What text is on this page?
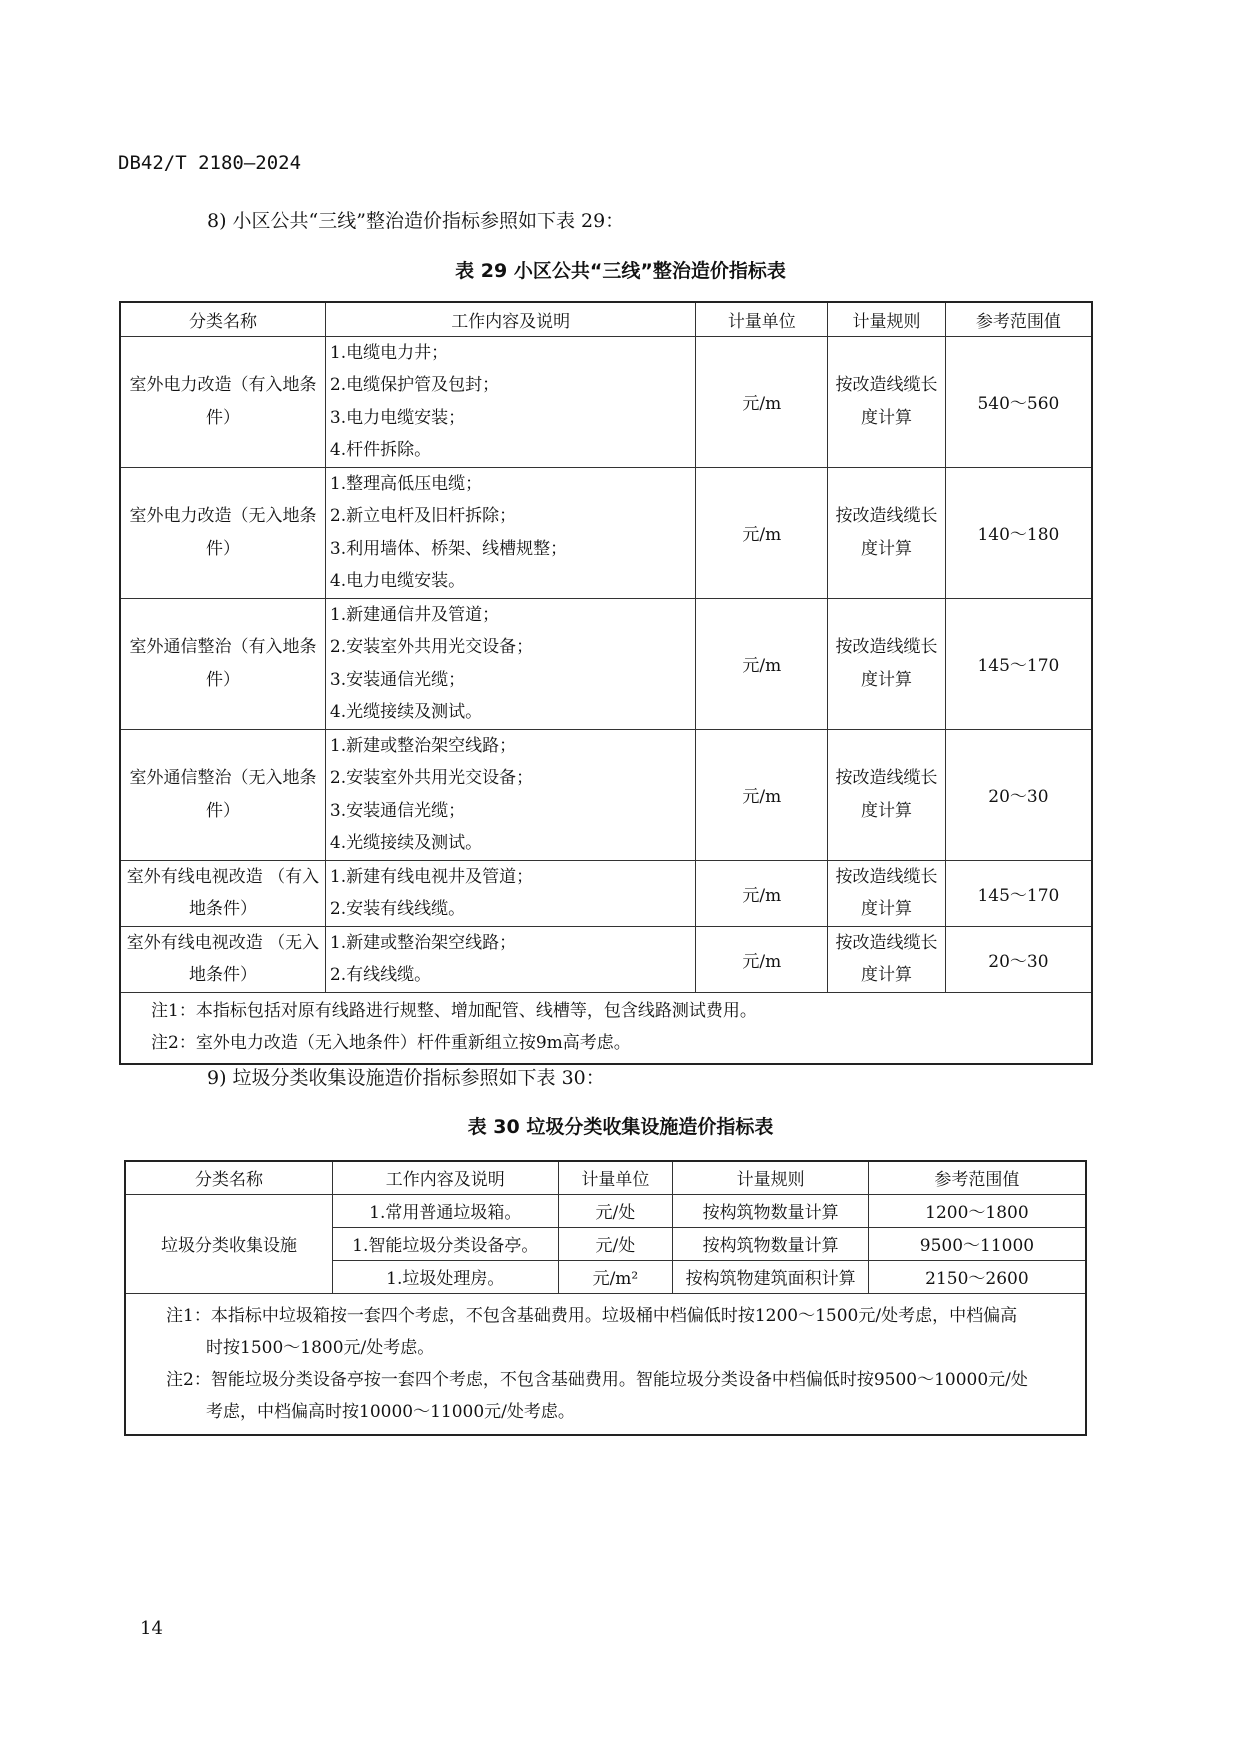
DB42/T 2180—2024
8) 小区公共“三线”整治造价指标参照如下表 29：
表 29 小区公共“三线”整治造价指标表
分类名称	工作内容及说明	计量单位	计量规则	参考范围值
室外电力改造（有入地条件）	1.电缆电力井；
2.电缆保护管及包封；
3.电力电缆安装；
4.杆件拆除。	元/m	按改造线缆长度计算	540～560
室外电力改造（无入地条件）	1.整理高低压电缆；
2.新立电杆及旧杆拆除；
3.利用墙体、桥架、线槽规整；
4.电力电缆安装。	元/m	按改造线缆长度计算	140～180
室外通信整治（有入地条件）	1.新建通信井及管道；
2.安装室外共用光交设备；
3.安装通信光缆；
4.光缆接续及测试。	元/m	按改造线缆长度计算	145～170
室外通信整治（无入地条件）	1.新建或整治架空线路；
2.安装室外共用光交设备；
3.安装通信光缆；
4.光缆接续及测试。	元/m	按改造线缆长度计算	20～30
室外有线电视改造 （有入地条件）	1.新建有线电视井及管道；
2.安装有线线缆。	元/m	按改造线缆长度计算	145～170
室外有线电视改造 （无入地条件）	1.新建或整治架空线路；
2.有线线缆。	元/m	按改造线缆长度计算	20～30

注1：本指标包括对原有线路进行规整、增加配管、线槽等，包含线路测试费用。
注2：室外电力改造（无入地条件）杆件重新组立按9m高考虑。				
9) 垃圾分类收集设施造价指标参照如下表 30：
表 30 垃圾分类收集设施造价指标表
分类名称	工作内容及说明	计量单位	计量规则	参考范围值
垃圾分类收集设施	1.常用普通垃圾箱。	元/处	按构筑物数量计算	1200～1800
	1.智能垃圾分类设备亭。	元/处	按构筑物数量计算	9500～11000
	1.垃圾处理房。	元/m²	按构筑物建筑面积计算	2150～2600

注1：本指标中垃圾箱按一套四个考虑，不包含基础费用。垃圾桶中档偏低时按1200～1500元/处考虑，中档偏高
时按1500～1800元/处考虑。
注2：智能垃圾分类设备亭按一套四个考虑，不包含基础费用。智能垃圾分类设备中档偏低时按9500～10000元/处
考虑，中档偏高时按10000～11000元/处考虑。				
14
